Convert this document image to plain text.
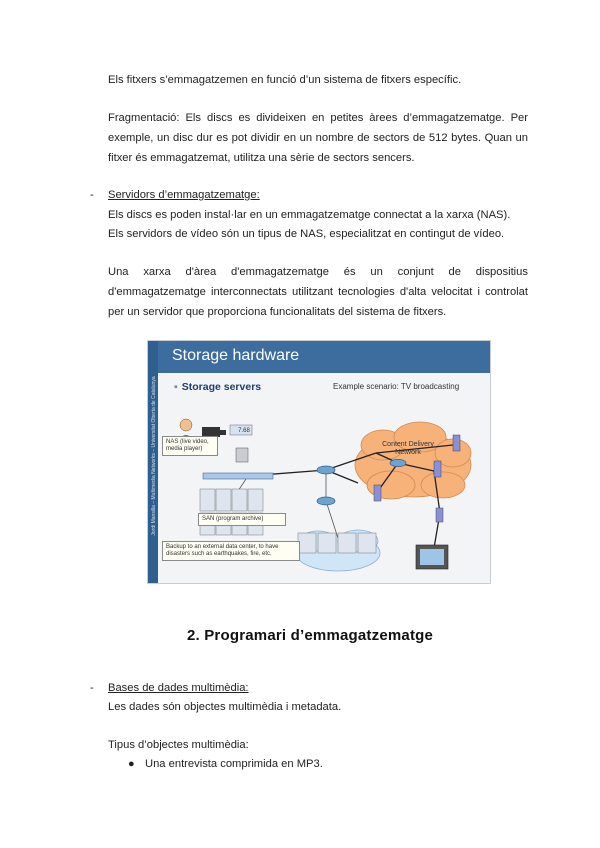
Els fitxers s’emmagatzemen en funció d’un sistema de fitxers específic.

Fragmentació: Els discs es divideixen en petites àrees d’emmagatzematge. Per exemple, un disc dur es pot dividir en un nombre de sectors de 512 bytes. Quan un fitxer és emmagatzemat, utilitza una sèrie de sectors sencers.

- Servidors d’emmagatzematge:

Els discs es poden instal·lar en un emmagatzematge connectat a la xarxa (NAS).

Els servidors de vídeo són un tipus de NAS, especialitzat en contingut de vídeo.

Una xarxa d'àrea d'emmagatzematge és un conjunt de dispositius d'emmagatzematge interconnectats utilitzant tecnologies d'alta velocitat i controlat per un servidor que proporciona funcionalitats del sistema de fitxers.

Jordi Mansilla – Multimedia Networks – Universitat Oberta de Catalunya
Storage hardware
▪ Storage servers	Example scenario: TV broadcasting
NAS (live video, media player)
SAN (program archive)
Backup to an external data center, to have disasters such as earthquakes, fire, etc.
Content Delivery Network
7.68
2. Programari d’emmagatzematge
- Bases de dades multimèdia:

Les dades són objectes multimèdia i metadata.

Tipus d’objectes multimèdia:

● Una entrevista comprimida en MP3.
